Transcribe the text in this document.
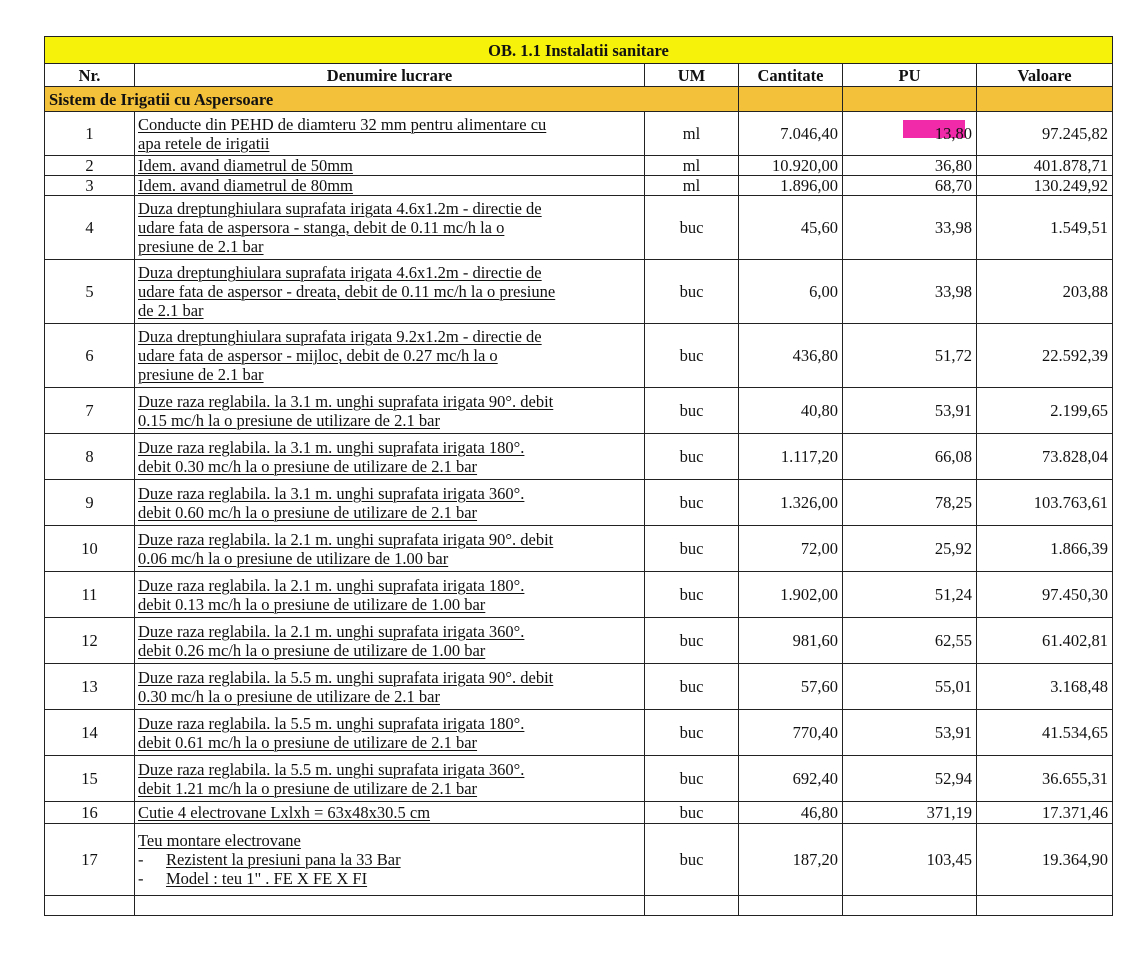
OB. 1.1 Instalatii sanitare					
Nr.	Denumire lucrare	UM	Cantitate	PU	Valoare
Sistem de Irigatii cu Aspersoare					
1	Conducte din PEHD de diamteru 32 mm pentru alimentare cu
apa retele de irigatii	ml	7.046,40	13,80	97.245,82
2	Idem. avand diametrul de 50mm	ml	10.920,00	36,80	401.878,71
3	Idem. avand diametrul de 80mm	ml	1.896,00	68,70	130.249,92
4	Duza dreptunghiulara suprafata irigata 4.6x1.2m - directie de
udare fata de aspersora - stanga, debit de 0.11 mc/h la o
presiune de 2.1 bar	buc	45,60	33,98	1.549,51
5	Duza dreptunghiulara suprafata irigata 4.6x1.2m - directie de
udare fata de aspersor - dreata, debit de 0.11 mc/h la o presiune
de 2.1 bar	buc	6,00	33,98	203,88
6	Duza dreptunghiulara suprafata irigata 9.2x1.2m - directie de
udare fata de aspersor - mijloc, debit de 0.27 mc/h la o
presiune de 2.1 bar	buc	436,80	51,72	22.592,39
7	Duze raza reglabila. la 3.1 m. unghi suprafata irigata 90°. debit
0.15 mc/h la o presiune de utilizare de 2.1 bar	buc	40,80	53,91	2.199,65
8	Duze raza reglabila. la 3.1 m. unghi suprafata irigata 180°.
debit 0.30 mc/h la o presiune de utilizare de 2.1 bar	buc	1.117,20	66,08	73.828,04
9	Duze raza reglabila. la 3.1 m. unghi suprafata irigata 360°.
debit 0.60 mc/h la o presiune de utilizare de 2.1 bar	buc	1.326,00	78,25	103.763,61
10	Duze raza reglabila. la 2.1 m. unghi suprafata irigata 90°. debit
0.06 mc/h la o presiune de utilizare de 1.00 bar	buc	72,00	25,92	1.866,39
11	Duze raza reglabila. la 2.1 m. unghi suprafata irigata 180°.
debit 0.13 mc/h la o presiune de utilizare de 1.00 bar	buc	1.902,00	51,24	97.450,30
12	Duze raza reglabila. la 2.1 m. unghi suprafata irigata 360°.
debit 0.26 mc/h la o presiune de utilizare de 1.00 bar	buc	981,60	62,55	61.402,81
13	Duze raza reglabila. la 5.5 m. unghi suprafata irigata 90°. debit
0.30 mc/h la o presiune de utilizare de 2.1 bar	buc	57,60	55,01	3.168,48
14	Duze raza reglabila. la 5.5 m. unghi suprafata irigata 180°.
debit 0.61 mc/h la o presiune de utilizare de 2.1 bar	buc	770,40	53,91	41.534,65
15	Duze raza reglabila. la 5.5 m. unghi suprafata irigata 360°.
debit 1.21 mc/h la o presiune de utilizare de 2.1 bar	buc	692,40	52,94	36.655,31
16	Cutie 4 electrovane Lxlxh = 63x48x30.5 cm	buc	46,80	371,19	17.371,46
17	Teu montare electrovane
- Rezistent la presiuni pana la 33 Bar
- Model : teu 1" . FE X FE X FI	buc	187,20	103,45	19.364,90
